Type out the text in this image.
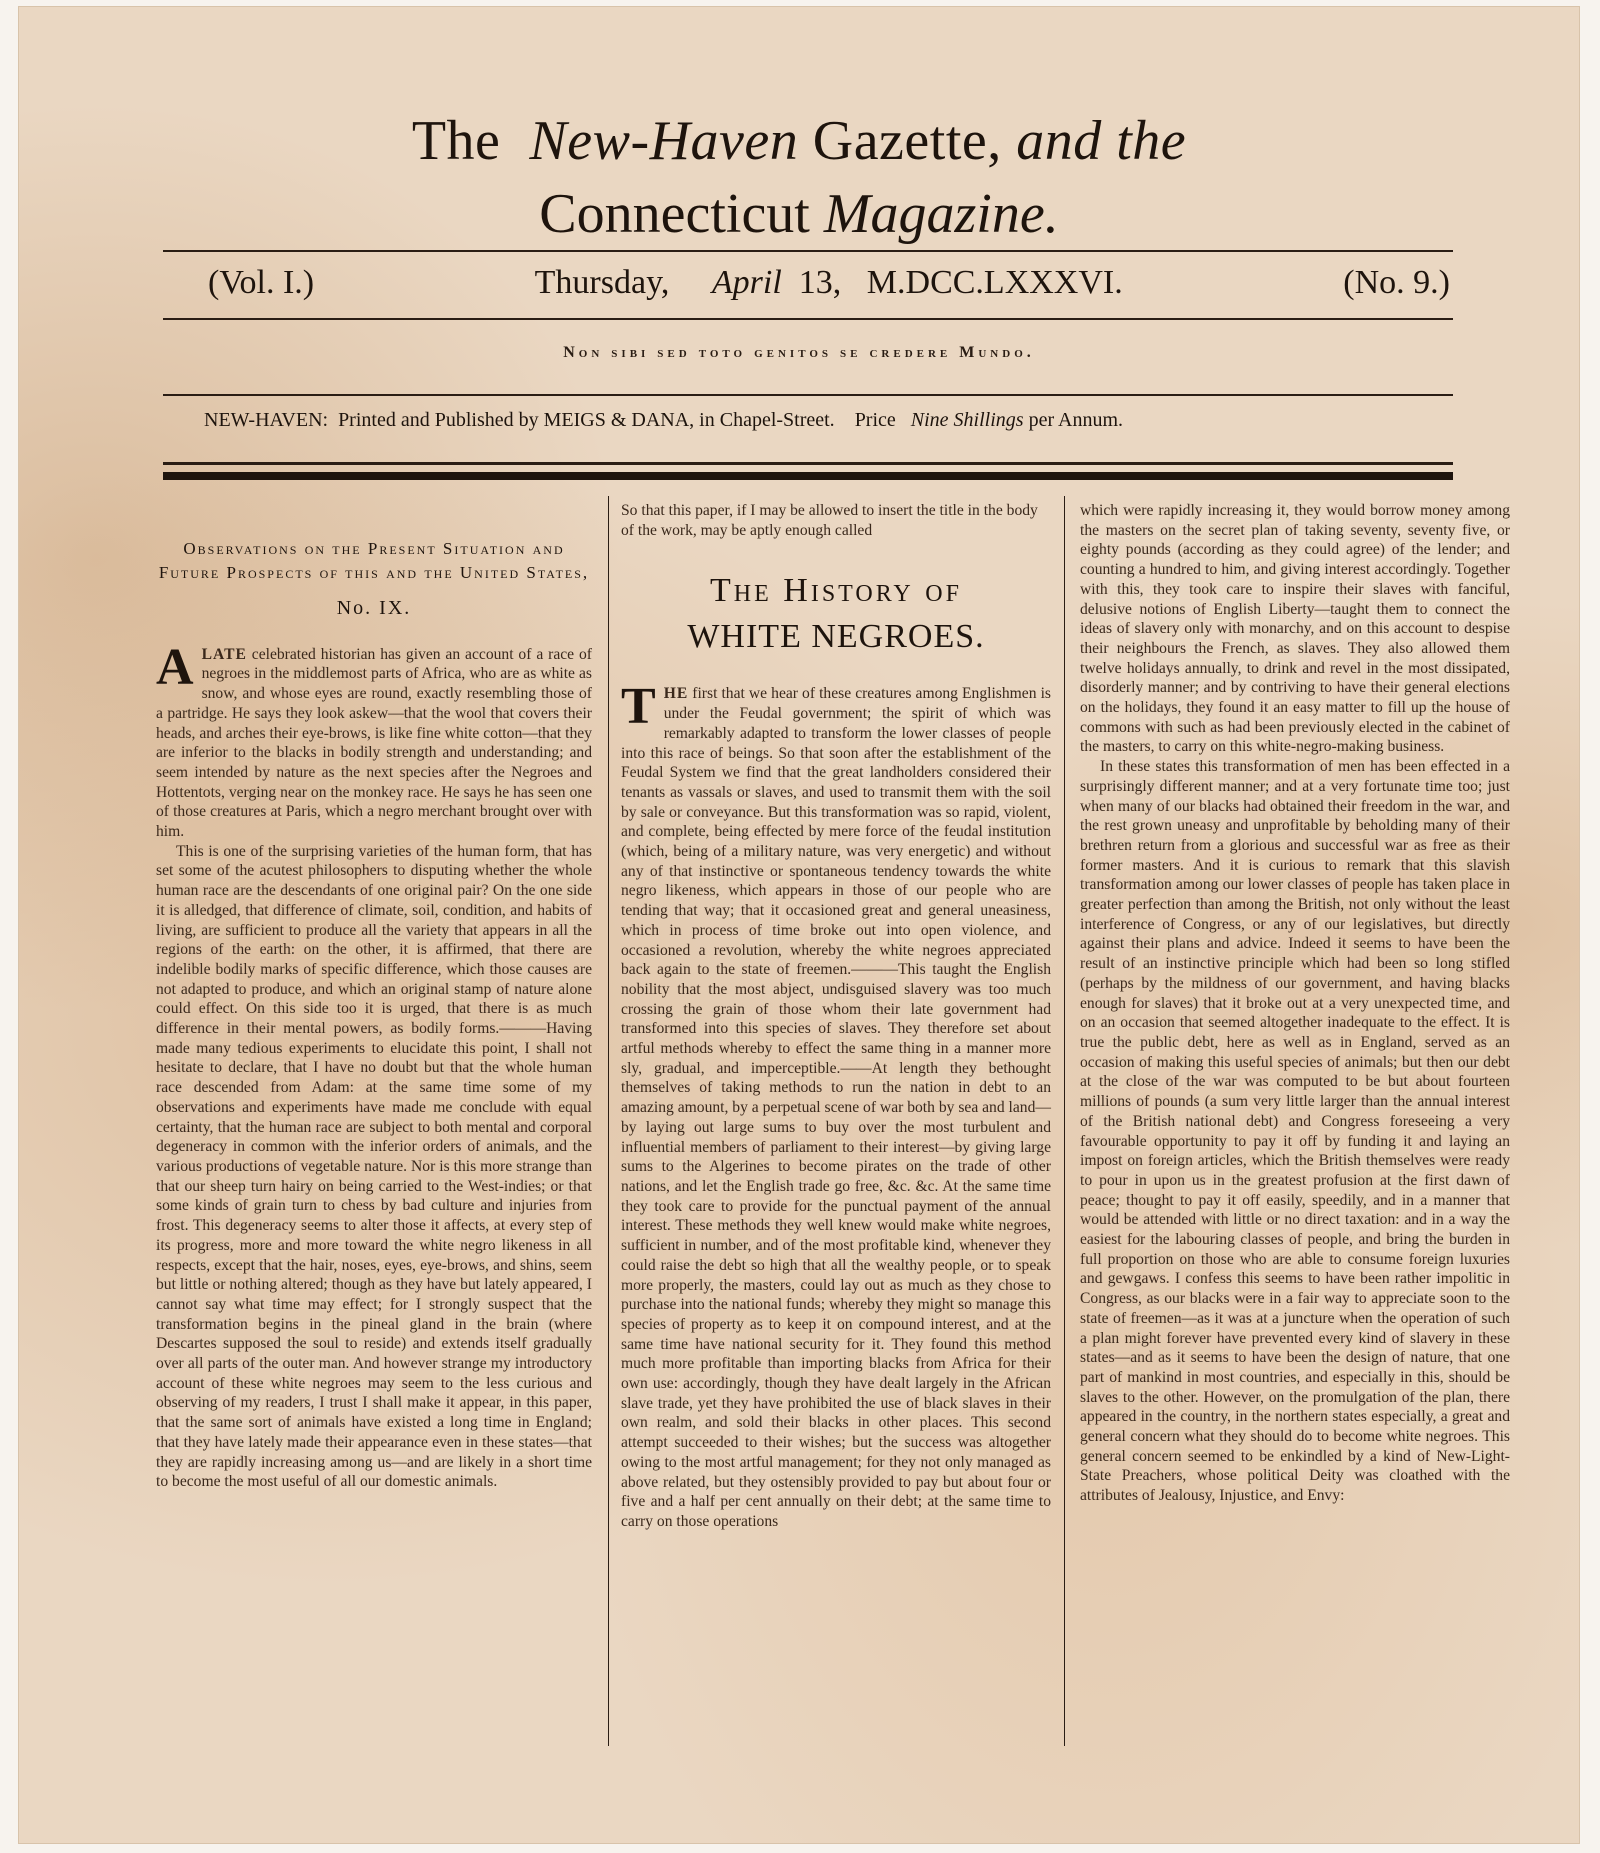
The New-Haven Gazette, and the
Connecticut Magazine.
(Vol. I.)	Thursday, April 13, M.DCC.LXXXVI.	(No. 9.)
Non sibi sed toto genitos se credere Mundo.
NEW-HAVEN: Printed and Published by MEIGS & DANA, in Chapel-Street. Price Nine Shillings per Annum.
Observations on the Present Situation and Future Prospects of this and the United States,
No. IX.

A LATE celebrated historian has given an account of a race of negroes in the middlemost parts of Africa, who are as white as snow, and whose eyes are round, exactly resembling those of a partridge. He says they look askew—that the wool that covers their heads, and arches their eye-brows, is like fine white cotton—that they are inferior to the blacks in bodily strength and understanding; and seem intended by nature as the next species after the Negroes and Hottentots, verging near on the monkey race. He says he has seen one of those creatures at Paris, which a negro merchant brought over with him.

This is one of the surprising varieties of the human form, that has set some of the acutest philosophers to disputing whether the whole human race are the descendants of one original pair? On the one side it is alledged, that difference of climate, soil, condition, and habits of living, are sufficient to produce all the variety that appears in all the regions of the earth: on the other, it is affirmed, that there are indelible bodily marks of specific difference, which those causes are not adapted to produce, and which an original stamp of nature alone could effect. On this side too it is urged, that there is as much difference in their mental powers, as bodily forms.———Having made many tedious experiments to elucidate this point, I shall not hesitate to declare, that I have no doubt but that the whole human race descended from Adam: at the same time some of my observations and experiments have made me conclude with equal certainty, that the human race are subject to both mental and corporal degeneracy in common with the inferior orders of animals, and the various productions of vegetable nature. Nor is this more strange than that our sheep turn hairy on being carried to the West-indies; or that some kinds of grain turn to chess by bad culture and injuries from frost. This degeneracy seems to alter those it affects, at every step of its progress, more and more toward the white negro likeness in all respects, except that the hair, noses, eyes, eye-brows, and shins, seem but little or nothing altered; though as they have but lately appeared, I cannot say what time may effect; for I strongly suspect that the transformation begins in the pineal gland in the brain (where Descartes supposed the soul to reside) and extends itself gradually over all parts of the outer man. And however strange my introductory account of these white negroes may seem to the less curious and observing of my readers, I trust I shall make it appear, in this paper, that the same sort of animals have existed a long time in England; that they have lately made their appearance even in these states—that they are rapidly increasing among us—and are likely in a short time to become the most useful of all our domestic animals.

So that this paper, if I may be allowed to insert the title in the body of the work, may be aptly enough called

The History of
WHITE NEGROES.

T HE first that we hear of these creatures among Englishmen is under the Feudal government; the spirit of which was remarkably adapted to transform the lower classes of people into this race of beings. So that soon after the establishment of the Feudal System we find that the great landholders considered their tenants as vassals or slaves, and used to transmit them with the soil by sale or conveyance. But this transformation was so rapid, violent, and complete, being effected by mere force of the feudal institution (which, being of a military nature, was very energetic) and without any of that instinctive or spontaneous tendency towards the white negro likeness, which appears in those of our people who are tending that way; that it occasioned great and general uneasiness, which in process of time broke out into open violence, and occasioned a revolution, whereby the white negroes appreciated back again to the state of freemen.———This taught the English nobility that the most abject, undisguised slavery was too much crossing the grain of those whom their late government had transformed into this species of slaves. They therefore set about artful methods whereby to effect the same thing in a manner more sly, gradual, and imperceptible.——At length they bethought themselves of taking methods to run the nation in debt to an amazing amount, by a perpetual scene of war both by sea and land—by laying out large sums to buy over the most turbulent and influential members of parliament to their interest—by giving large sums to the Algerines to become pirates on the trade of other nations, and let the English trade go free, &c. &c. At the same time they took care to provide for the punctual payment of the annual interest. These methods they well knew would make white negroes, sufficient in number, and of the most profitable kind, whenever they could raise the debt so high that all the wealthy people, or to speak more properly, the masters, could lay out as much as they chose to purchase into the national funds; whereby they might so manage this species of property as to keep it on compound interest, and at the same time have national security for it. They found this method much more profitable than importing blacks from Africa for their own use: accordingly, though they have dealt largely in the African slave trade, yet they have prohibited the use of black slaves in their own realm, and sold their blacks in other places. This second attempt succeeded to their wishes; but the success was altogether owing to the most artful management; for they not only managed as above related, but they ostensibly provided to pay but about four or five and a half per cent annually on their debt; at the same time to carry on those operations

which were rapidly increasing it, they would borrow money among the masters on the secret plan of taking seventy, seventy five, or eighty pounds (according as they could agree) of the lender; and counting a hundred to him, and giving interest accordingly. Together with this, they took care to inspire their slaves with fanciful, delusive notions of English Liberty—taught them to connect the ideas of slavery only with monarchy, and on this account to despise their neighbours the French, as slaves. They also allowed them twelve holidays annually, to drink and revel in the most dissipated, disorderly manner; and by contriving to have their general elections on the holidays, they found it an easy matter to fill up the house of commons with such as had been previously elected in the cabinet of the masters, to carry on this white-negro-making business.

In these states this transformation of men has been effected in a surprisingly different manner; and at a very fortunate time too; just when many of our blacks had obtained their freedom in the war, and the rest grown uneasy and unprofitable by beholding many of their brethren return from a glorious and successful war as free as their former masters. And it is curious to remark that this slavish transformation among our lower classes of people has taken place in greater perfection than among the British, not only without the least interference of Congress, or any of our legislatives, but directly against their plans and advice. Indeed it seems to have been the result of an instinctive principle which had been so long stifled (perhaps by the mildness of our government, and having blacks enough for slaves) that it broke out at a very unexpected time, and on an occasion that seemed altogether inadequate to the effect. It is true the public debt, here as well as in England, served as an occasion of making this useful species of animals; but then our debt at the close of the war was computed to be but about fourteen millions of pounds (a sum very little larger than the annual interest of the British national debt) and Congress foreseeing a very favourable opportunity to pay it off by funding it and laying an impost on foreign articles, which the British themselves were ready to pour in upon us in the greatest profusion at the first dawn of peace; thought to pay it off easily, speedily, and in a manner that would be attended with little or no direct taxation: and in a way the easiest for the labouring classes of people, and bring the burden in full proportion on those who are able to consume foreign luxuries and gewgaws. I confess this seems to have been rather impolitic in Congress, as our blacks were in a fair way to appreciate soon to the state of freemen—as it was at a juncture when the operation of such a plan might forever have prevented every kind of slavery in these states—and as it seems to have been the design of nature, that one part of mankind in most countries, and especially in this, should be slaves to the other. However, on the promulgation of the plan, there appeared in the country, in the northern states especially, a great and general concern what they should do to become white negroes. This general concern seemed to be enkindled by a kind of New-Light-State Preachers, whose political Deity was cloathed with the attributes of Jealousy, Injustice, and Envy:
